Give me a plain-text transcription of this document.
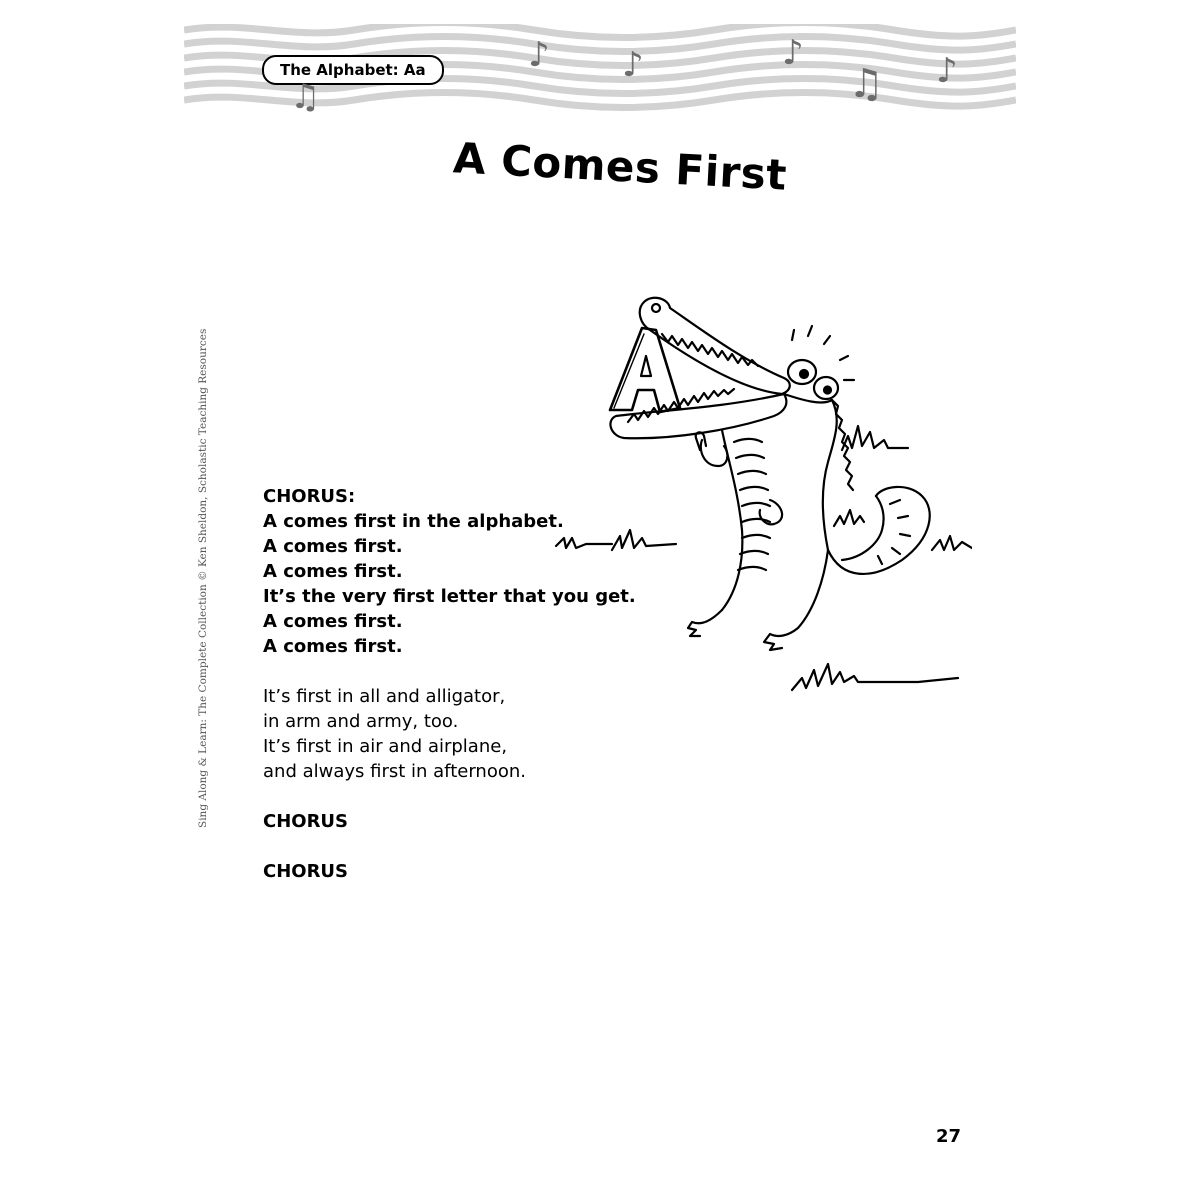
The Alphabet: Aa
♫
♪ ♪	♪
♫ ♪
A Comes First
Sing Along & Learn: The Complete Collection © Ken Sheldon, Scholastic Teaching Resources	CHORUS:
A comes first in the alphabet.
A comes first.
A comes first.
It’s the very first letter that you get.
A comes first.
A comes first.
It’s first in all and alligator,
in arm and army, too.
It’s first in air and airplane,
and always first in afternoon.
CHORUS
CHORUS
27
